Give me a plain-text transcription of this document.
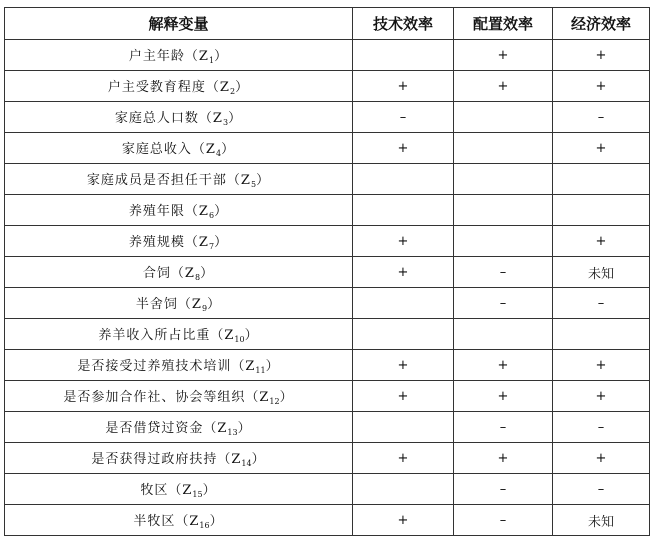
解释变量	技术效率	配置效率	经济效率
户主年龄$(Z_1)$		+	+
户主受教育程度$(Z_2)$	+	+	+
家庭总人口数$(Z_3)$	–		–
家庭总收入$(Z_4)$	+		+
家庭成员是否担任干部$(Z_5)$			
养殖年限$(Z_6)$			
养殖规模$(Z_7)$	+		+
合饲$(Z_8)$	+	–	未知
半舍饲$(Z_9)$		–	–
养羊收入所占比重$(Z_{10})$			
是否接受过养殖技术培训$(Z_{11})$	+	+	+
是否参加合作社、协会等组织$(Z_{12})$	+	+	+
是否借贷过资金$(Z_{13})$		–	–
是否获得过政府扶持$(Z_{14})$	+	+	+
牧区$(Z_{15})$		–	–
半牧区$(Z_{16})$	+	–	未知
